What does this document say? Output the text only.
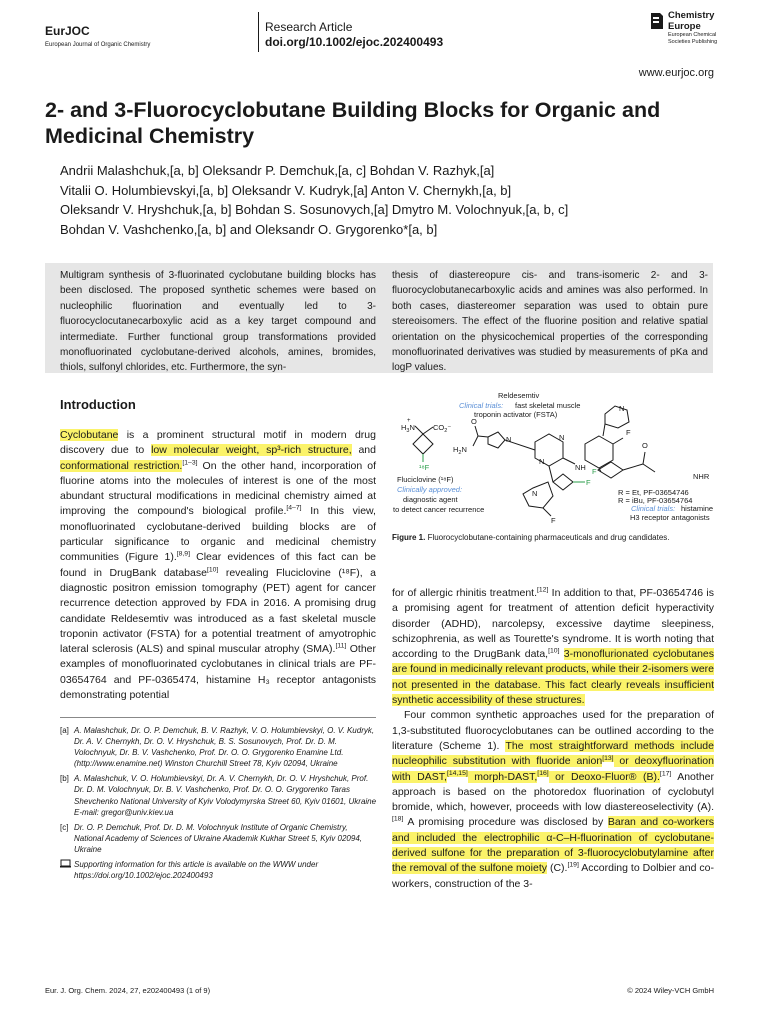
EurJOC
European Journal of Organic Chemistry
Research Article
doi.org/10.1002/ejoc.202400493
Chemistry Europe
European Chemical Societies Publishing
www.eurjoc.org
2- and 3-Fluorocyclobutane Building Blocks for Organic and Medicinal Chemistry
Andrii Malashchuk,[a, b] Oleksandr P. Demchuk,[a, c] Bohdan V. Razhyk,[a]
Vitalii O. Holumbievskyi,[a, b] Oleksandr V. Kudryk,[a] Anton V. Chernykh,[a, b]
Oleksandr V. Hryshchuk,[a, b] Bohdan S. Sosunovych,[a] Dmytro M. Volochnyuk,[a, b, c]
Bohdan V. Vashchenko,[a, b] and Oleksandr O. Grygorenko*[a, b]
Multigram synthesis of 3-fluorinated cyclobutane building blocks has been disclosed. The proposed synthetic schemes were based on nucleophilic fluorination and eventually led to 3-fluorocyclocutanecarboxylic acid as a key target compound and intermediate. Further functional group transformations provided monofluorinated cyclobutane-derived alcohols, amines, bromides, thiols, sulfonyl chlorides, etc. Furthermore, the syn-
thesis of diastereopure cis- and trans-isomeric 2- and 3-fluorocyclobutanecarboxylic acids and amines was also performed. In both cases, diastereomer separation was used to obtain pure stereoisomers. The effect of the fluorine position and relative spatial orientation on the physicochemical properties of the corresponding monofluorinated derivatives was studied by measurements of pKa and logP values.
Introduction
Cyclobutane is a prominent structural motif in modern drug discovery due to low molecular weight, sp³-rich structure, and conformational restriction.[1–3] On the other hand, incorporation of fluorine atoms into the molecules of interest is one of the most abundant structural modifications in medicinal chemistry aimed at improving the compound's biological profile.[4–7] In this view, monofluorinated cyclobutane-derived building blocks are of particular significance to organic and medicinal chemistry communities (Figure 1).[8,9] Clear evidences of this fact can be found in DrugBank database[10] revealing Fluciclovine (¹⁸F), a diagnostic positron emission tomography (PET) agent for cancer recurrence detection approved by FDA in 2016. A promising drug candidate Reldesemtiv was introduced as a fast skeletal muscle troponin activator (FSTA) for a potential treatment of amyotrophic lateral sclerosis (ALS) and spinal muscular atrophy (SMA).[11] Other examples of monofluorinated cyclobutanes in clinical trials are PF-03654764 and PF-0365474, histamine H₃ receptor antagonists demonstrating potential
[a] A. Malashchuk, Dr. O. P. Demchuk, B. V. Razhyk, V. O. Holumbievskyi, O. V. Kudryk, Dr. A. V. Chernykh, Dr. O. V. Hryshchuk, B. S. Sosunovych, Prof. Dr. D. M. Volochnyuk, Dr. B. V. Vashchenko, Prof. Dr. O. O. Grygorenko Enamine Ltd. (http://www.enamine.net) Winston Churchill Street 78, Kyiv 02094, Ukraine
[b] A. Malashchuk, V. O. Holumbievskyi, Dr. A. V. Chernykh, Dr. O. V. Hryshchuk, Prof. Dr. D. M. Volochnyuk, Dr. B. V. Vashchenko, Prof. Dr. O. O. Grygorenko Taras Shevchenko National University of Kyiv Volodymyrska Street 60, Kyiv 01601, Ukraine E-mail: gregor@univ.kiev.ua
[c] Dr. O. P. Demchuk, Prof. Dr. D. M. Volochnyuk Institute of Organic Chemistry, National Academy of Sciences of Ukraine Akademik Kukhar Street 5, Kyiv 02094, Ukraine
Supporting information for this article is available on the WWW under https://doi.org/10.1002/ejoc.202400493
$H_3N$
+
$CO_2^-$
¹⁸F
O
$H_2N$
N
N
N
NH
F
N
F
F
F
O
NHR
N
Reldesemtiv
Clinical trials: fast skeletal muscle
troponin activator (FSTA)
Fluciclovine (¹⁸F)
Clinically approved:
diagnostic agent
to detect cancer recurrence
R = Et, PF-03654746
R = iBu, PF-03654764
Clinical trials: histamine
H3 receptor antagonists
Figure 1. Fluorocyclobutane-containing pharmaceuticals and drug candidates.
for of allergic rhinitis treatment.[12] In addition to that, PF-03654746 is a promising agent for treatment of attention deficit hyperactivity disorder (ADHD), narcolepsy, excessive daytime sleepiness, schizophrenia, as well as Tourette's syndrome. It is worth noting that according to the DrugBank data,[10] 3-monoflurionated cyclobutanes are found in medicinally relevant products, while their 2-isomers were not presented in the database. This fact clearly reveals insufficient synthetic accessibility of these structures.
Four common synthetic approaches used for the preparation of 1,3-substituted fluorocyclobutanes can be outlined according to the literature (Scheme 1). The most straightforward methods include nucleophilic substitution with fluoride anion[13] or deoxyfluorination with DAST,[14,15] morph-DAST,[16] or Deoxo-Fluor® (B).[17] Another approach is based on the photoredox fluorination of cyclobutyl bromide, which, however, proceeds with low diastereoselectivity (A).[18] A promising procedure was disclosed by Baran and co-workers and included the electrophilic α-C–H-fluorination of cyclobutane-derived sulfone for the preparation of 3-fluorocyclobutylamine after the removal of the sulfone moiety (C).[19] According to Dolbier and co-workers, construction of the 3-
Eur. J. Org. Chem. 2024, 27, e202400493 (1 of 9)	© 2024 Wiley-VCH GmbH
